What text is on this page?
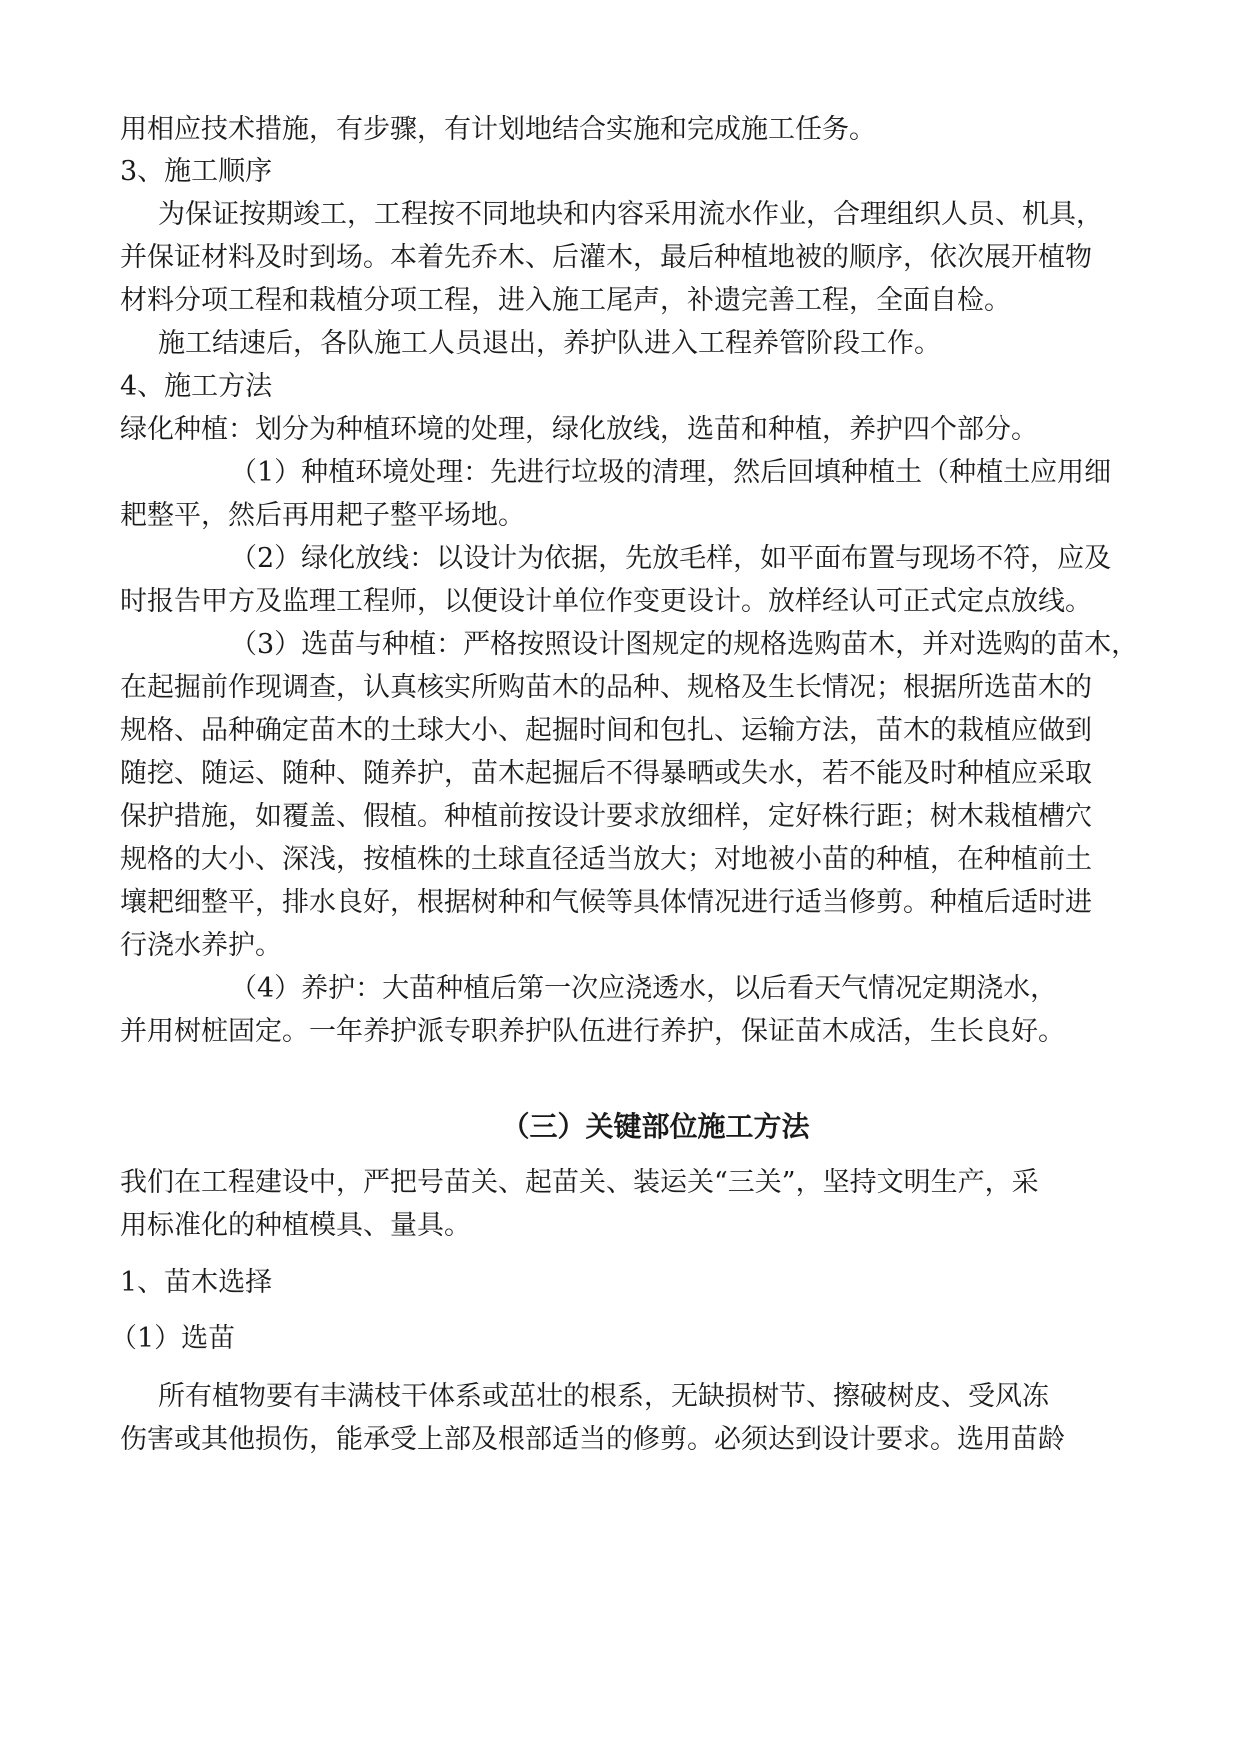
用相应技术措施，有步骤，有计划地结合实施和完成施工任务。
3、施工顺序
为保证按期竣工，工程按不同地块和内容采用流水作业，合理组织人员、机具，
并保证材料及时到场。本着先乔木、后灌木，最后种植地被的顺序，依次展开植物
材料分项工程和栽植分项工程，进入施工尾声，补遗完善工程，全面自检。
施工结速后，各队施工人员退出，养护队进入工程养管阶段工作。
4、施工方法
绿化种植：划分为种植环境的处理，绿化放线，选苗和种植，养护四个部分。
（1）种植环境处理：先进行垃圾的清理，然后回填种植土（种植土应用细
耙整平，然后再用耙子整平场地。
（2）绿化放线：以设计为依据，先放毛样，如平面布置与现场不符，应及
时报告甲方及监理工程师，以便设计单位作变更设计。放样经认可正式定点放线。
（3）选苗与种植：严格按照设计图规定的规格选购苗木，并对选购的苗木，
在起掘前作现调查，认真核实所购苗木的品种、规格及生长情况；根据所选苗木的
规格、品种确定苗木的土球大小、起掘时间和包扎、运输方法，苗木的栽植应做到
随挖、随运、随种、随养护，苗木起掘后不得暴晒或失水，若不能及时种植应采取
保护措施，如覆盖、假植。种植前按设计要求放细样，定好株行距；树木栽植槽穴
规格的大小、深浅，按植株的土球直径适当放大；对地被小苗的种植，在种植前土
壤耙细整平，排水良好，根据树种和气候等具体情况进行适当修剪。种植后适时进
行浇水养护。
（4）养护：大苗种植后第一次应浇透水，以后看天气情况定期浇水，
并用树桩固定。一年养护派专职养护队伍进行养护，保证苗木成活，生长良好。
（三）关键部位施工方法
我们在工程建设中，严把号苗关、起苗关、装运关“三关”，坚持文明生产，采
用标准化的种植模具、量具。
1、苗木选择
（1）选苗
所有植物要有丰满枝干体系或茁壮的根系，无缺损树节、擦破树皮、受风冻
伤害或其他损伤，能承受上部及根部适当的修剪。必须达到设计要求。选用苗龄
